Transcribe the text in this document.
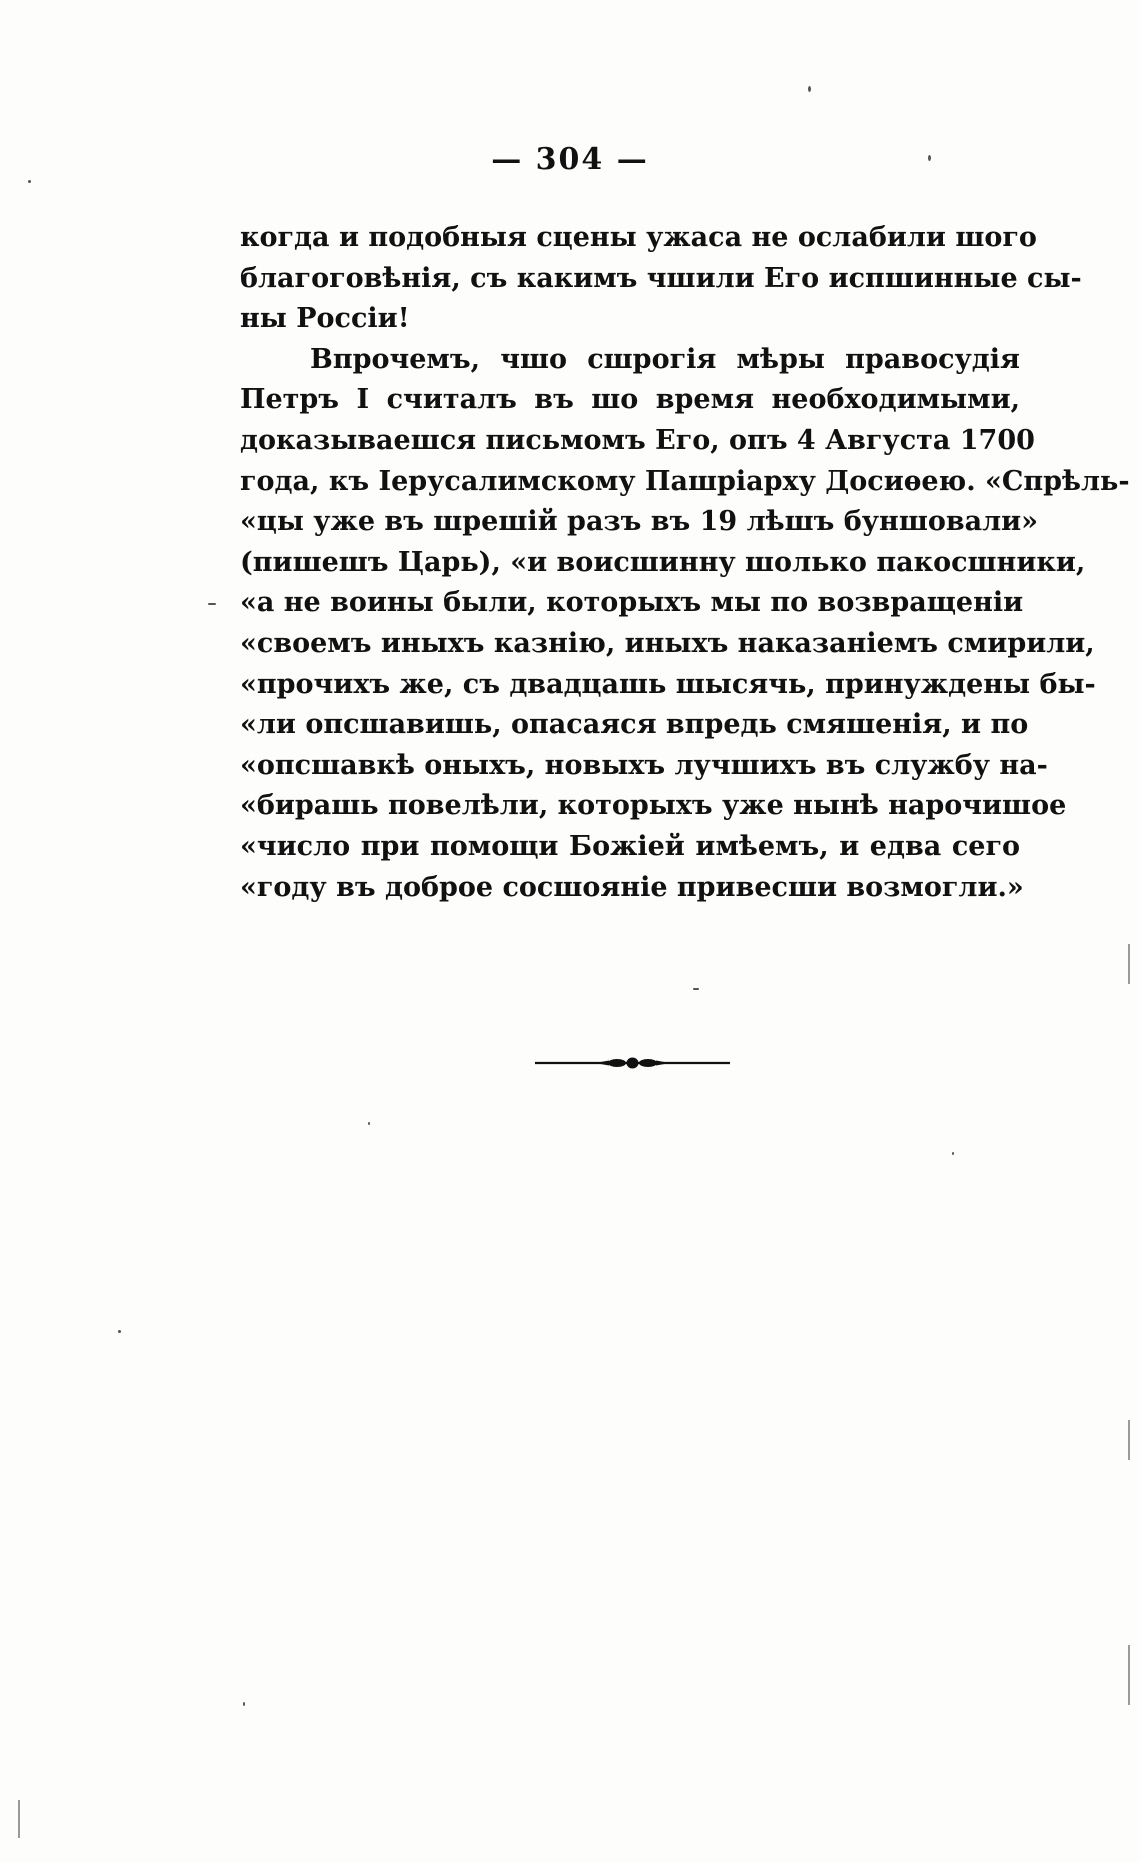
— 304 —
когда и подобныя сцены ужаса не ослабили шого
благоговѣнія, съ какимъ чшили Его испшинные сы-
ны Россіи!
Впрочемъ, чшо сшрогія мѣры правосудія
Петръ I считалъ въ шо время необходимыми,
доказываешся письмомъ Его, опъ 4 Августа 1700
года, къ Іерусалимскому Пашріарху Досиѳею. «Спрѣль-
«цы уже въ шрешій разъ въ 19 лѣшъ буншовали»
(пишешъ Царь), «и воисшинну шолько пакосшники,
«а не воины были, которыхъ мы по возвращеніи
«своемъ иныхъ казнію, иныхъ наказаніемъ смирили,
«прочихъ же, съ двадцашь шысячь, принуждены бы-
«ли опсшавишь, опасаяся впредь смяшенія, и по
«опсшавкѣ оныхъ, новыхъ лучшихъ въ службу на-
«бирашь повелѣли, которыхъ уже нынѣ нарочишое
«число при помощи Божіей имѣемъ, и едва сего
«году въ доброе сосшояніе привесши возмогли.»
